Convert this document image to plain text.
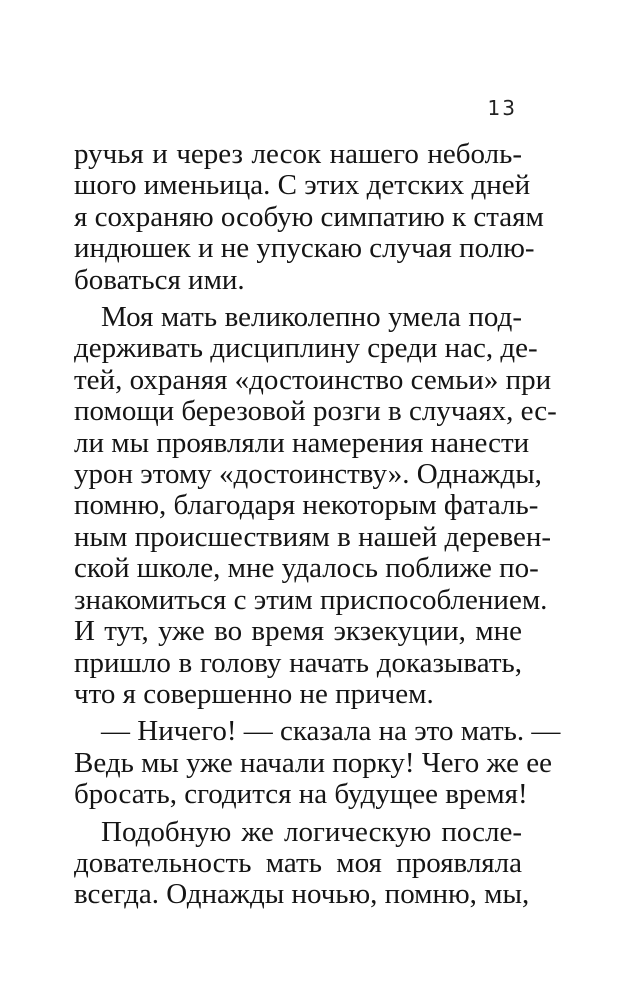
13

ручья и через лесок нашего неболь-
шого именьица. С этих детских дней
я сохраняю особую симпатию к стаям
индюшек и не упускаю случая полю-
боваться ими.

Моя мать великолепно умела под-
держивать дисциплину среди нас, де-
тей, охраняя «достоинство семьи» при
помощи березовой розги в случаях, ес-
ли мы проявляли намерения нанести
урон этому «достоинству». Однажды,
помню, благодаря некоторым фаталь-
ным происшествиям в нашей деревен-
ской школе, мне удалось поближе по-
знакомиться с этим приспособлением.
И тут, уже во время экзекуции, мне
пришло в голову начать доказывать,
что я совершенно не причем.

— Ничего! — сказала на это мать. —
Ведь мы уже начали порку! Чего же ее
бросать, сгодится на будущее время!

Подобную же логическую после-
довательность мать моя проявляла
всегда. Однажды ночью, помню, мы,
